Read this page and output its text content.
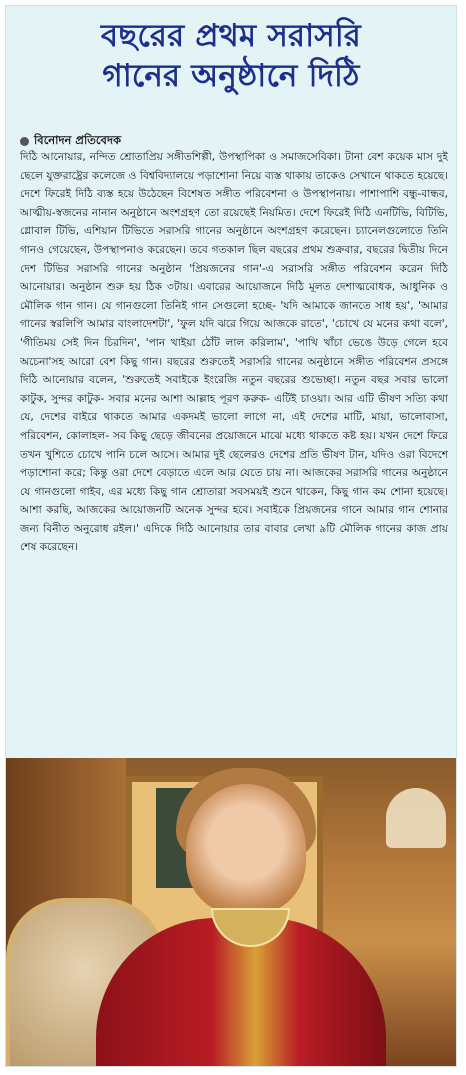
বছরের প্রথম সরাসরি
গানের অনুষ্ঠানে দিঠি
বিনোদন প্রতিবেদক

দিঠি আনোয়ার, নন্দিত শ্রোতাপ্রিয় সঙ্গীতশিল্পী, উপস্থাপিকা ও সমাজসেবিকা। টানা বেশ কয়েক মাস দুই ছেলে যুক্তরাষ্ট্রের কলেজে ও বিশ্ববিদ্যালয়ে পড়াশোনা নিয়ে ব্যস্ত থাকায় তাকেও সেখানে থাকতে হয়েছে। দেশে ফিরেই দিঠি ব্যস্ত হয়ে উঠেছেন বিশেষত সঙ্গীত পরিবেশনা ও উপস্থাপনায়। পাশাপাশি বন্ধু-বান্ধব, আত্মীয়-স্বজনের নানান অনুষ্ঠানে অংশগ্রহণ তো রয়েছেই নিয়মিত। দেশে ফিরেই দিঠি এনটিভি, বিটিভি, গ্লোবাল টিভি, এশিয়ান টিভিতে সরাসরি গানের অনুষ্ঠানে অংশগ্রহণ করেছেন। চ্যানেলগুলোতে তিনি গানও গেয়েছেন, উপস্থাপনাও করেছেন। তবে গতকাল ছিল বছরের প্রথম শুক্রবার, বছরের দ্বিতীয় দিনে দেশ টিভির সরাসরি গানের অনুষ্ঠান 'প্রিয়জনের গান'-এ সরাসরি সঙ্গীত পরিবেশন করেন দিঠি আনোয়ার। অনুষ্ঠান শুরু হয় ঠিক ৩টায়। এবারের আয়োজনে দিঠি মূলত দেশাত্মবোধক, আধুনিক ও মৌলিক গান গান। যে গানগুলো তিনিই গান সেগুলো হচ্ছে- 'যদি আমাকে জানতে সাধ হয়', 'আমার গানের স্বরলিপি আমার বাংলাদেশটা', 'ফুল যদি ঝরে গিয়ে আজকে রাতে', 'চোখে যে মনের কথা বলে', 'গীতিময় সেই দিন চিরদিন', 'পান খাইয়া ঠোঁট লাল করিলাম', 'পাখি খাঁচা ভেঙে উড়ে গেলে হবে অচেনা'সহ আরো বেশ কিছু গান। বছরের শুরুতেই সরাসরি গানের অনুষ্ঠানে সঙ্গীত পরিবেশন প্রসঙ্গে দিঠি আনোয়ার বলেন, 'শুরুতেই সবাইকে ইংরেজি নতুন বছরের শুভেচ্ছা। নতুন বছর সবার ভালো কাটুক, সুন্দর কাটুক- সবার মনের আশা আল্লাহ পূরণ করুক- এটিই চাওয়া। আর এটি ভীষণ সত্যি কথা যে, দেশের বাইরে থাকতে আমার একদমই ভালো লাগে না, এই দেশের মাটি, মায়া, ভালোবাসা, পরিবেশন, কোলাহল- সব কিছু ছেড়ে জীবনের প্রয়োজনে মাঝে মধ্যে থাকতে কষ্ট হয়। যখন দেশে ফিরে তখন খুশিতে চোখে পানি চলে আসে। আমার দুই ছেলেরও দেশের প্রতি ভীষণ টান, যদিও ওরা বিদেশে পড়াশোনা করে; কিন্তু ওরা দেশে বেড়াতে এলে আর যেতে চায় না। আজকের সরাসরি গানের অনুষ্ঠানে যে গানগুলো গাইব, এর মধ্যে কিছু গান শ্রোতারা সবসময়ই শুনে থাকেন, কিছু গান কম শোনা হয়েছে। আশা করছি, আজকের আয়োজনটি অনেক সুন্দর হবে। সবাইকে প্রিয়জনের গানে আমার গান শোনার জন্য বিনীত অনুরোধ রইল।' এদিকে দিঠি আনোয়ার তার বাবার লেখা ৯টি মৌলিক গানের কাজ প্রায় শেষ করেছেন।
